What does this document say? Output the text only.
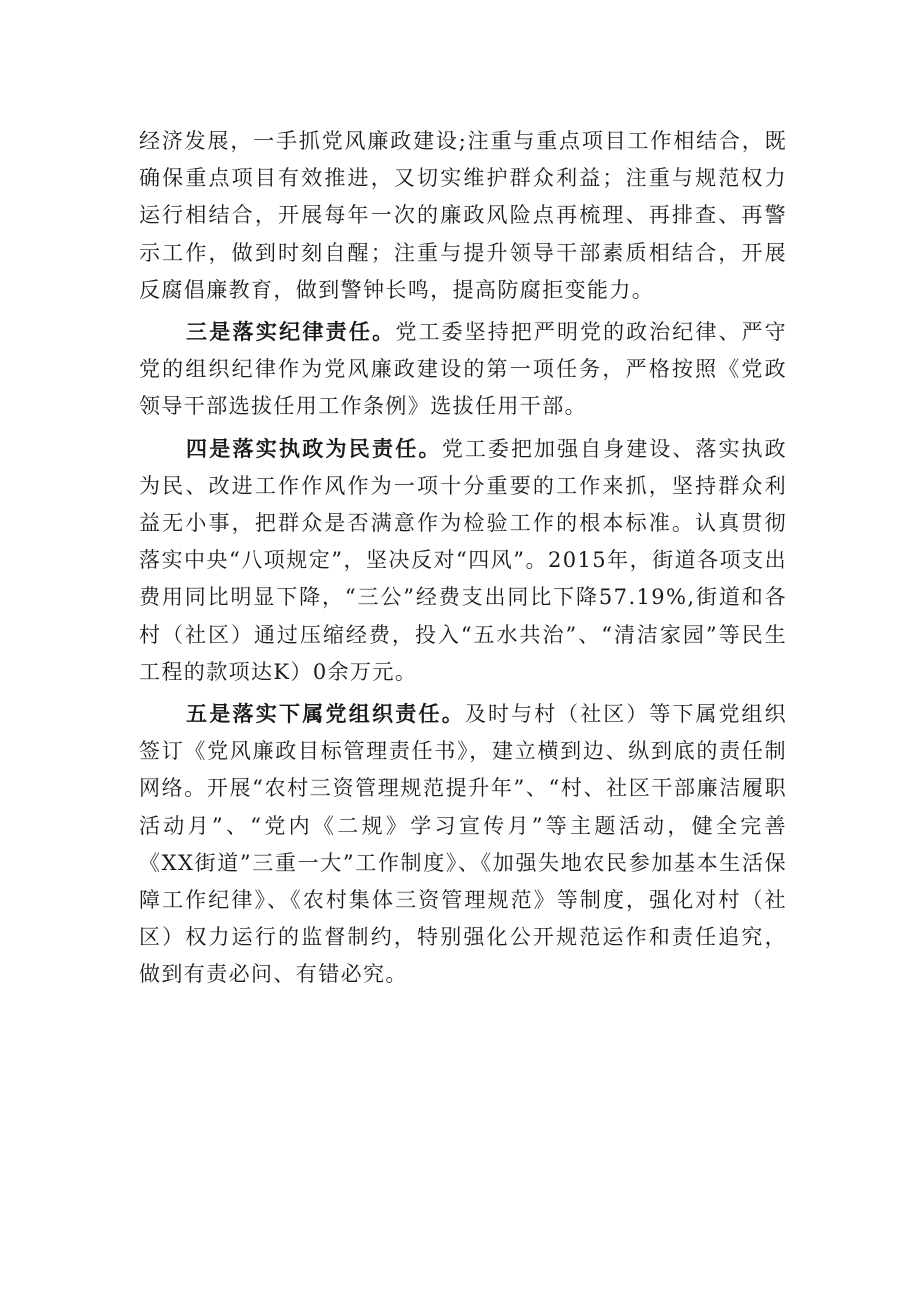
经济发展，一手抓党风廉政建设;注重与重点项目工作相结合，既确保重点项目有效推进，又切实维护群众利益；注重与规范权力运行相结合，开展每年一次的廉政风险点再梳理、再排查、再警示工作，做到时刻自醒；注重与提升领导干部素质相结合，开展反腐倡廉教育，做到警钟长鸣，提高防腐拒变能力。

三是落实纪律责任。党工委坚持把严明党的政治纪律、严守党的组织纪律作为党风廉政建设的第一项任务，严格按照《党政领导干部选拔任用工作条例》选拔任用干部。

四是落实执政为民责任。党工委把加强自身建设、落实执政为民、改进工作作风作为一项十分重要的工作来抓，坚持群众利益无小事，把群众是否满意作为检验工作的根本标准。认真贯彻落实中央“八项规定”，坚决反对“四风”。2015年，街道各项支出费用同比明显下降，“三公”经费支出同比下降57.19%,街道和各村（社区）通过压缩经费，投入“五水共治”、“清洁家园”等民生工程的款项达K）0余万元。

五是落实下属党组织责任。及时与村（社区）等下属党组织签订《党风廉政目标管理责任书》，建立横到边、纵到底的责任制网络。开展“农村三资管理规范提升年”、“村、社区干部廉洁履职活动月”、“党内《二规》学习宣传月”等主题活动，健全完善《XX街道”三重一大”工作制度》、《加强失地农民参加基本生活保障工作纪律》、《农村集体三资管理规范》等制度，强化对村（社区）权力运行的监督制约，特别强化公开规范运作和责任追究，做到有责必问、有错必究。
